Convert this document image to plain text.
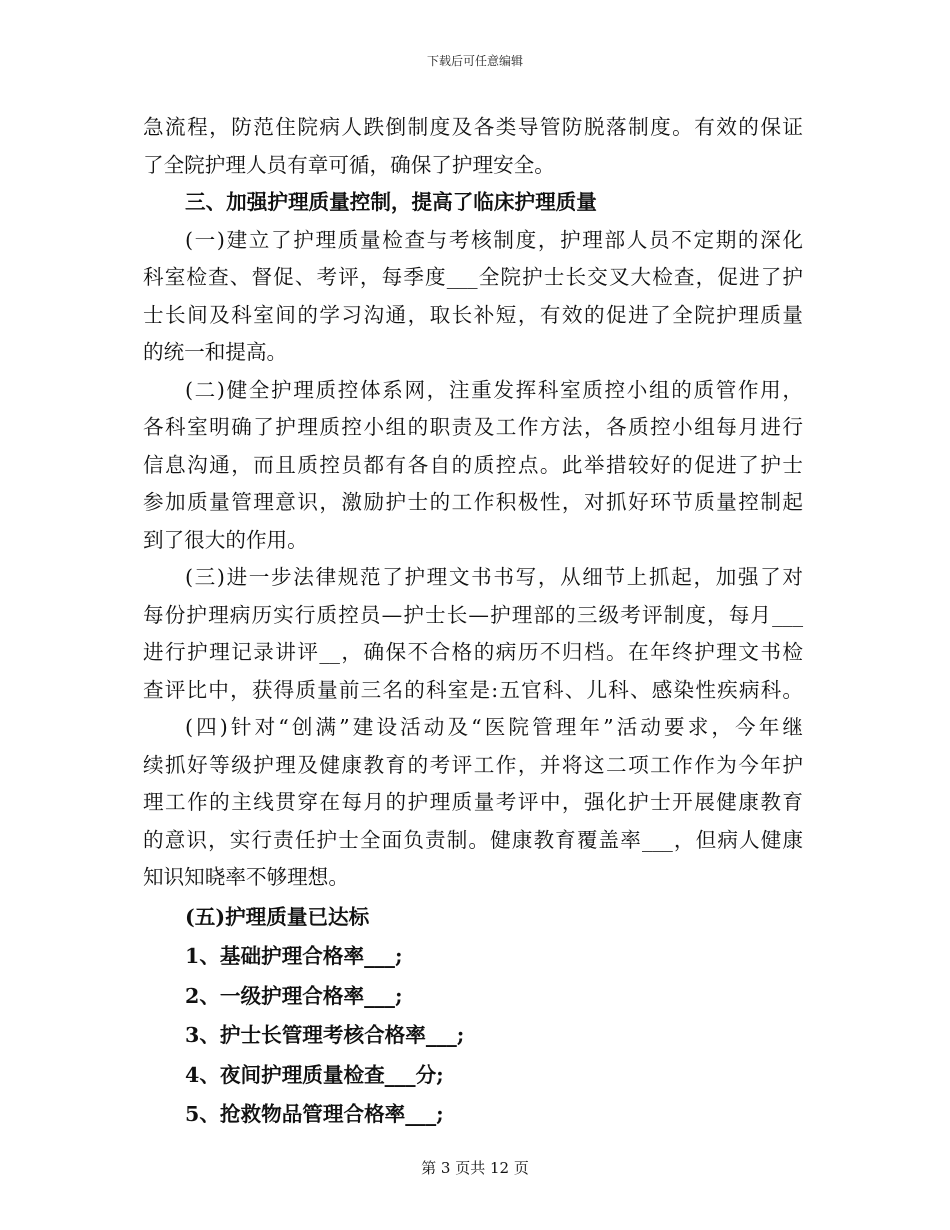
下载后可任意编辑
急流程，防范住院病人跌倒制度及各类导管防脱落制度。有效的保证
了全院护理人员有章可循，确保了护理安全。
三、加强护理质量控制，提高了临床护理质量
(一)建立了护理质量检查与考核制度，护理部人员不定期的深化
科室检查、督促、考评，每季度___全院护士长交叉大检查，促进了护
士长间及科室间的学习沟通，取长补短，有效的促进了全院护理质量
的统一和提高。
(二)健全护理质控体系网，注重发挥科室质控小组的质管作用，
各科室明确了护理质控小组的职责及工作方法，各质控小组每月进行
信息沟通，而且质控员都有各自的质控点。此举措较好的促进了护士
参加质量管理意识，激励护士的工作积极性，对抓好环节质量控制起
到了很大的作用。
(三)进一步法律规范了护理文书书写，从细节上抓起，加强了对
每份护理病历实行质控员—护士长—护理部的三级考评制度，每月___
进行护理记录讲评__，确保不合格的病历不归档。在年终护理文书检
查评比中，获得质量前三名的科室是:五官科、儿科、感染性疾病科。
(四)针对“创满”建设活动及“医院管理年”活动要求，今年继
续抓好等级护理及健康教育的考评工作，并将这二项工作作为今年护
理工作的主线贯穿在每月的护理质量考评中，强化护士开展健康教育
的意识，实行责任护士全面负责制。健康教育覆盖率___，但病人健康
知识知晓率不够理想。
(五)护理质量已达标
1、基础护理合格率___;
2、一级护理合格率___;
3、护士长管理考核合格率___;
4、夜间护理质量检查___分;
5、抢救物品管理合格率___;
第 3 页共 12 页
